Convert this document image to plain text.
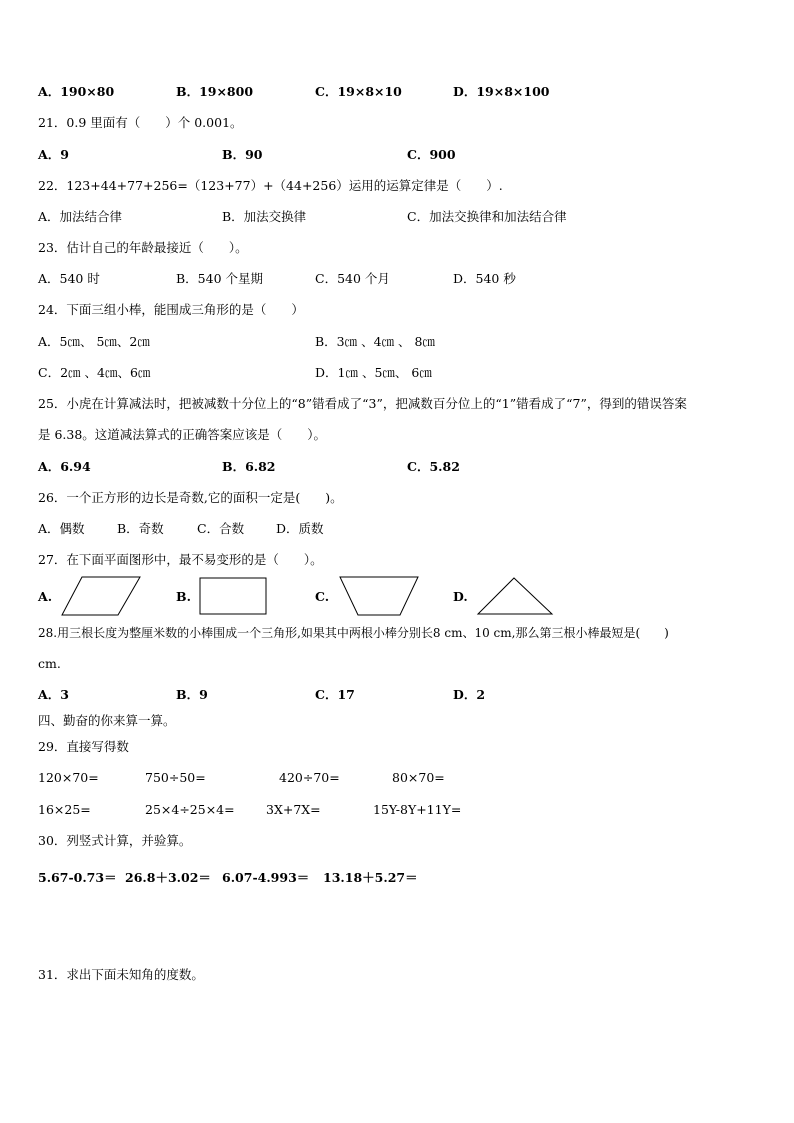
A．190×80	B．19×800	C．19×8×10	D．19×8×100
21．0.9 里面有（　　）个 0.001。
A．9	B．90	C．900
22．123+44+77+256=（123+77）+（44+256）运用的运算定律是（　　）.
A．加法结合律	B．加法交换律	C．加法交换律和加法结合律
23．估计自己的年龄最接近（　　）。
A．540 时	B．540 个星期	C．540 个月	D．540 秒
24．下面三组小棒，能围成三角形的是（　　）
A．5㎝、 5㎝、2㎝	B．3㎝ 、4㎝ 、 8㎝
C．2㎝ 、4㎝、6㎝	D．1㎝ 、5㎝、 6㎝
25．小虎在计算减法时，把被减数十分位上的“8”错看成了“3”，把减数百分位上的“1”错看成了“7”，得到的错误答案
是 6.38。这道减法算式的正确答案应该是（　　）。
A．6.94	B．6.82	C．5.82
26．一个正方形的边长是奇数,它的面积一定是(　　)。
A．偶数	B．奇数	C．合数	D．质数
27．在下面平面图形中，最不易变形的是（　　）。
A.	B.	C.	D.
28.用三根长度为整厘米数的小棒围成一个三角形,如果其中两根小棒分别长8 cm、10 cm,那么第三根小棒最短是(　　)
cm.
A．3	B．9	C．17	D．2
四、勤奋的你来算一算。
29．直接写得数
120×70=	750÷50=	420÷70=	80×70=
16×25=	25×4÷25×4=	3X+7X=	15Y-8Y+11Y=
30．列竖式计算，并验算。
5.67-0.73＝ 26.8＋3.02＝ 6.07-4.993＝ 13.18＋5.27＝
31．求出下面未知角的度数。
